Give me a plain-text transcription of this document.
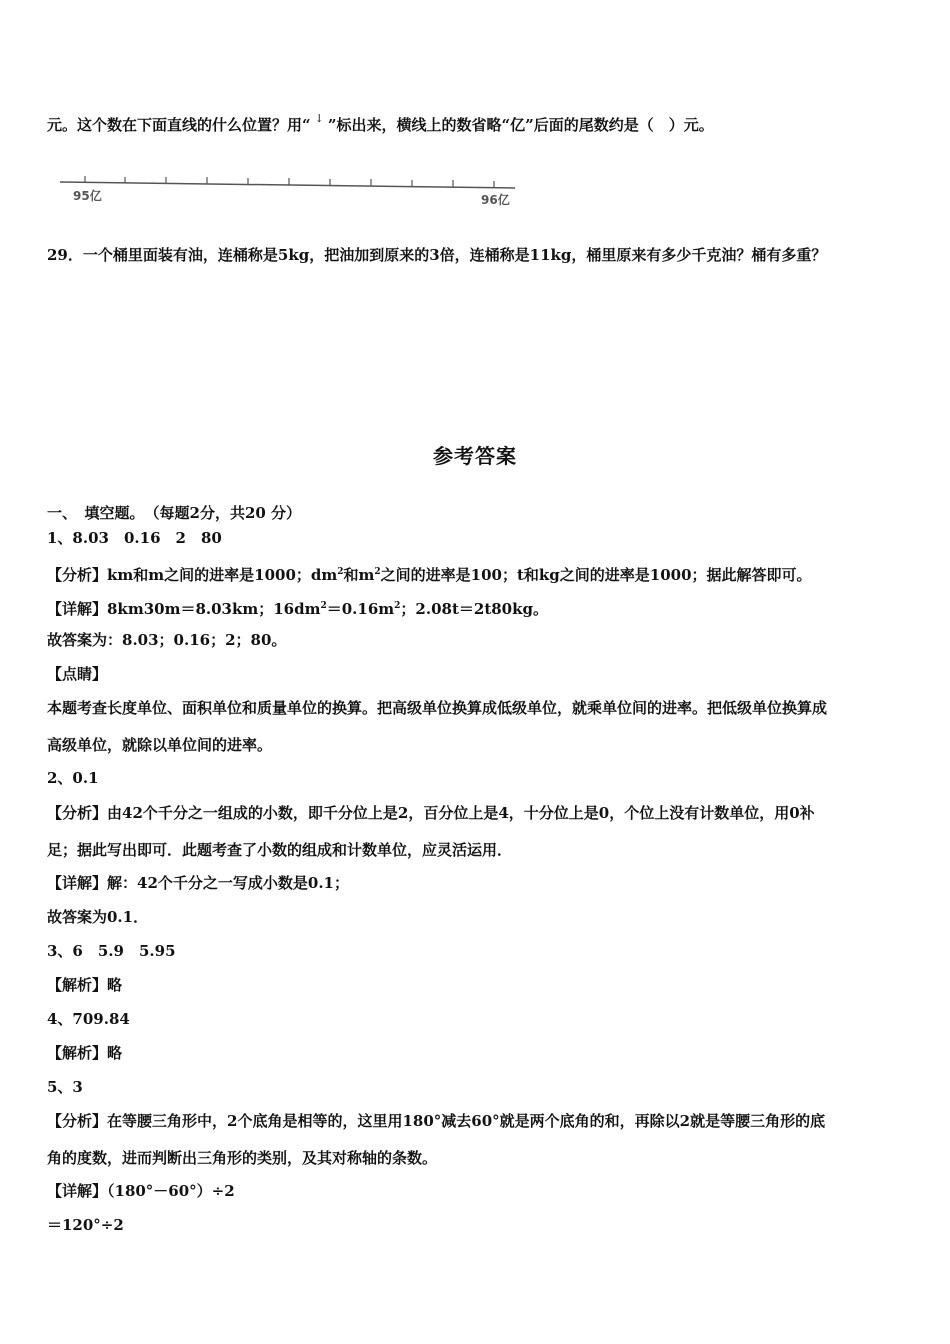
元。这个数在下面直线的什么位置？用“ ↓ ”标出来，横线上的数省略“亿”后面的尾数约是（　）元。
95亿	96亿
29．一个桶里面装有油，连桶称是5kg，把油加到原来的3倍，连桶称是11kg，桶里原来有多少千克油？桶有多重？
参考答案
一、　填空题。　（每题2分，共20 分）
1、8.03　0.16　2　80
【分析】km和m之间的进率是1000；$dm^2$和$m^2$之间的进率是100；t和kg之间的进率是1000；据此解答即可。
【详解】8km30m＝8.03km；$16dm^2=0.16m^2$；2.08t＝2t80kg。
故答案为：8.03；0.16；2；80。
【点睛】
本题考查长度单位、面积单位和质量单位的换算。把高级单位换算成低级单位，就乘单位间的进率。把低级单位换算成
高级单位，就除以单位间的进率。
2、0.1
【分析】由42个千分之一组成的小数，即千分位上是2，百分位上是4，十分位上是0，个位上没有计数单位，用0补
足；据此写出即可．此题考查了小数的组成和计数单位，应灵活运用．
【详解】解：42个千分之一写成小数是0.1；
故答案为0.1．
3、6　5.9　5.95
【解析】略
4、709.84
【解析】略
5、3
【分析】在等腰三角形中，2个底角是相等的，这里用180°减去60°就是两个底角的和，再除以2就是等腰三角形的底
角的度数，进而判断出三角形的类别，及其对称轴的条数。
【详解】（180°－60°）÷2
＝120°÷2
